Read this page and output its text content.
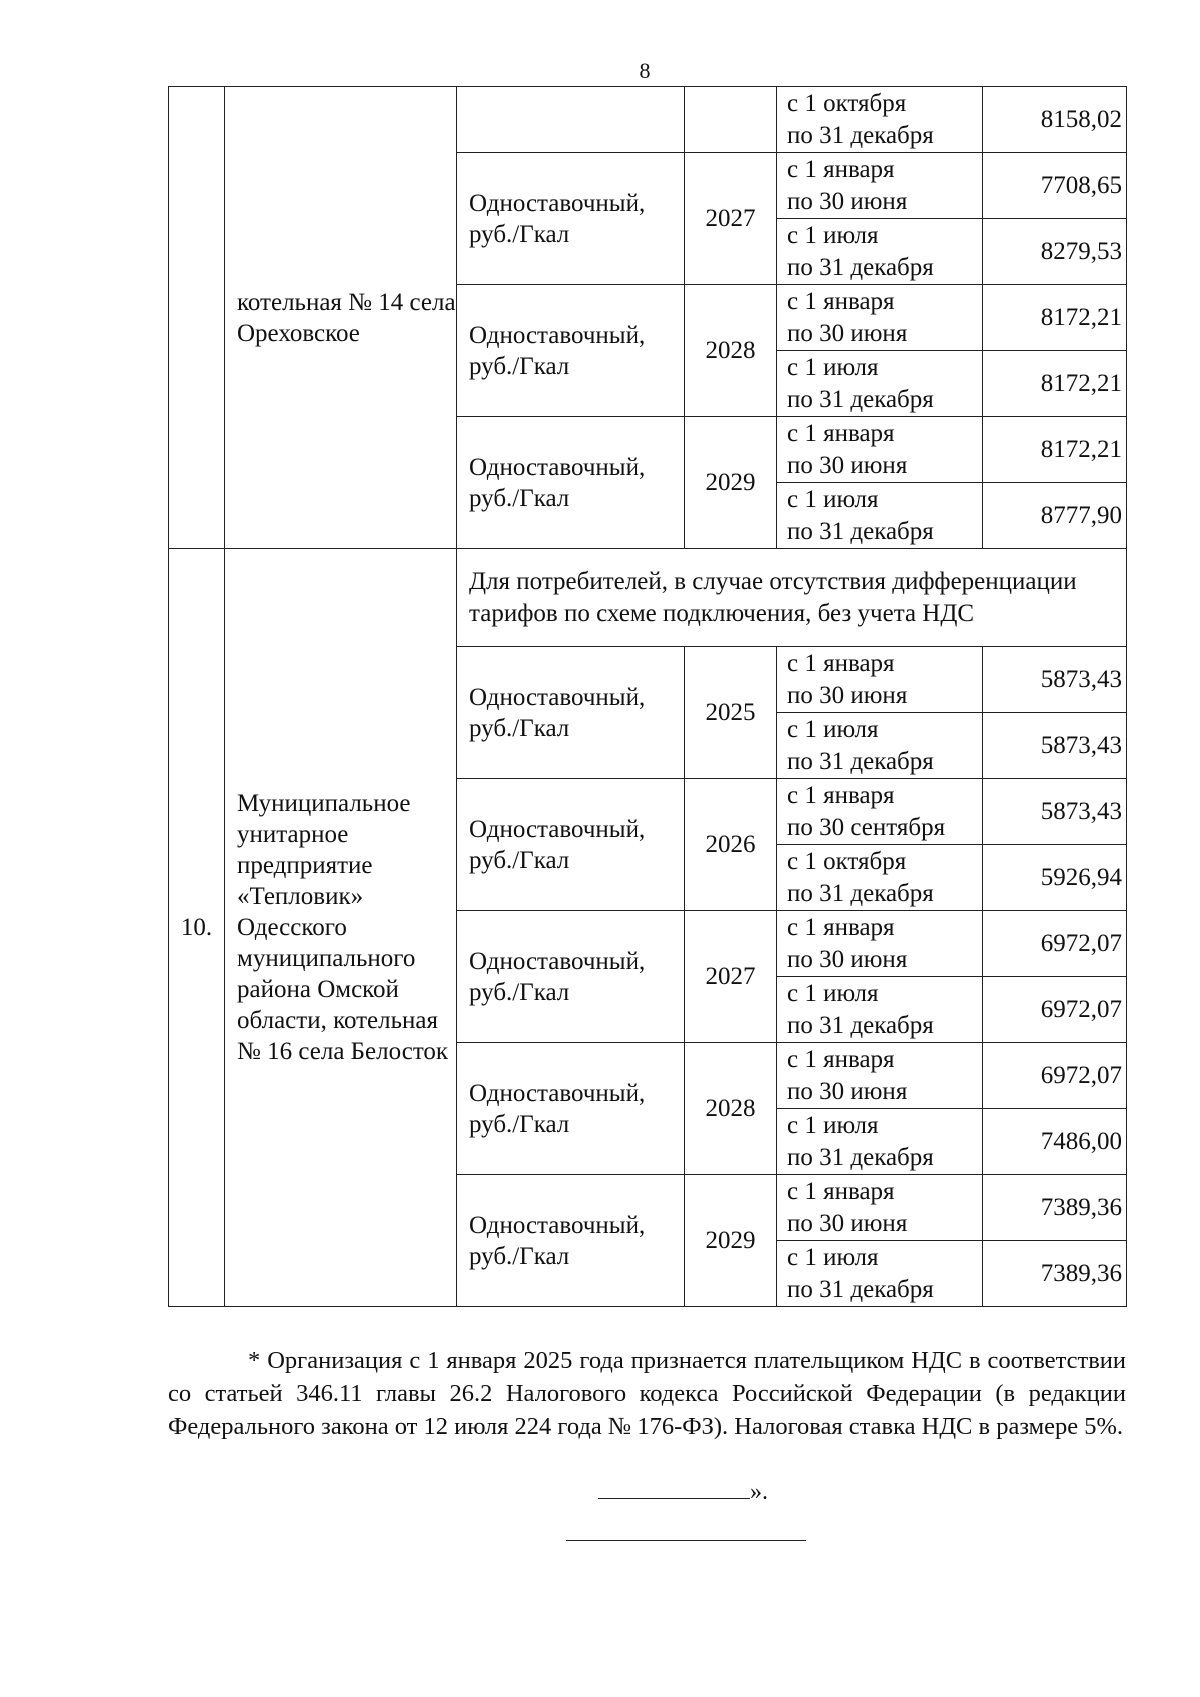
8
	котельная № 14 села Ореховское			с 1 октября
по 31 декабря	8158,02
		Одноставочный, руб./Гкал	2027	с 1 января
по 30 июня	7708,65

				с 1 июля
по 31 декабря	8279,53
		Одноставочный, руб./Гкал	2028	с 1 января
по 30 июня	8172,21

				с 1 июля
по 31 декабря	8172,21
		Одноставочный, руб./Гкал	2029	с 1 января
по 30 июня	8172,21

				с 1 июля
по 31 декабря	8777,90
10.	Муниципальное унитарное предприятие «Тепловик» Одесского муниципального района Омской области, котельная № 16 села Белосток	Для потребителей, в случае отсутствия дифференциации тарифов по схеме подключения, без учета НДС			
		Одноставочный, руб./Гкал	2025	с 1 января
по 30 июня	5873,43

				с 1 июля
по 31 декабря	5873,43
		Одноставочный, руб./Гкал	2026	с 1 января
по 30 сентября	5873,43

				с 1 октября
по 31 декабря	5926,94
		Одноставочный, руб./Гкал	2027	с 1 января
по 30 июня	6972,07

				с 1 июля
по 31 декабря	6972,07
		Одноставочный, руб./Гкал	2028	с 1 января
по 30 июня	6972,07

				с 1 июля
по 31 декабря	7486,00
		Одноставочный, руб./Гкал	2029	с 1 января
по 30 июня	7389,36

				с 1 июля
по 31 декабря	7389,36
* Организация с 1 января 2025 года признается плательщиком НДС в соответствии со статьей 346.11 главы 26.2 Налогового кодекса Российской Федерации (в редакции Федерального закона от 12 июля 224 года № 176-ФЗ). Налоговая ставка НДС в размере 5%.
».
